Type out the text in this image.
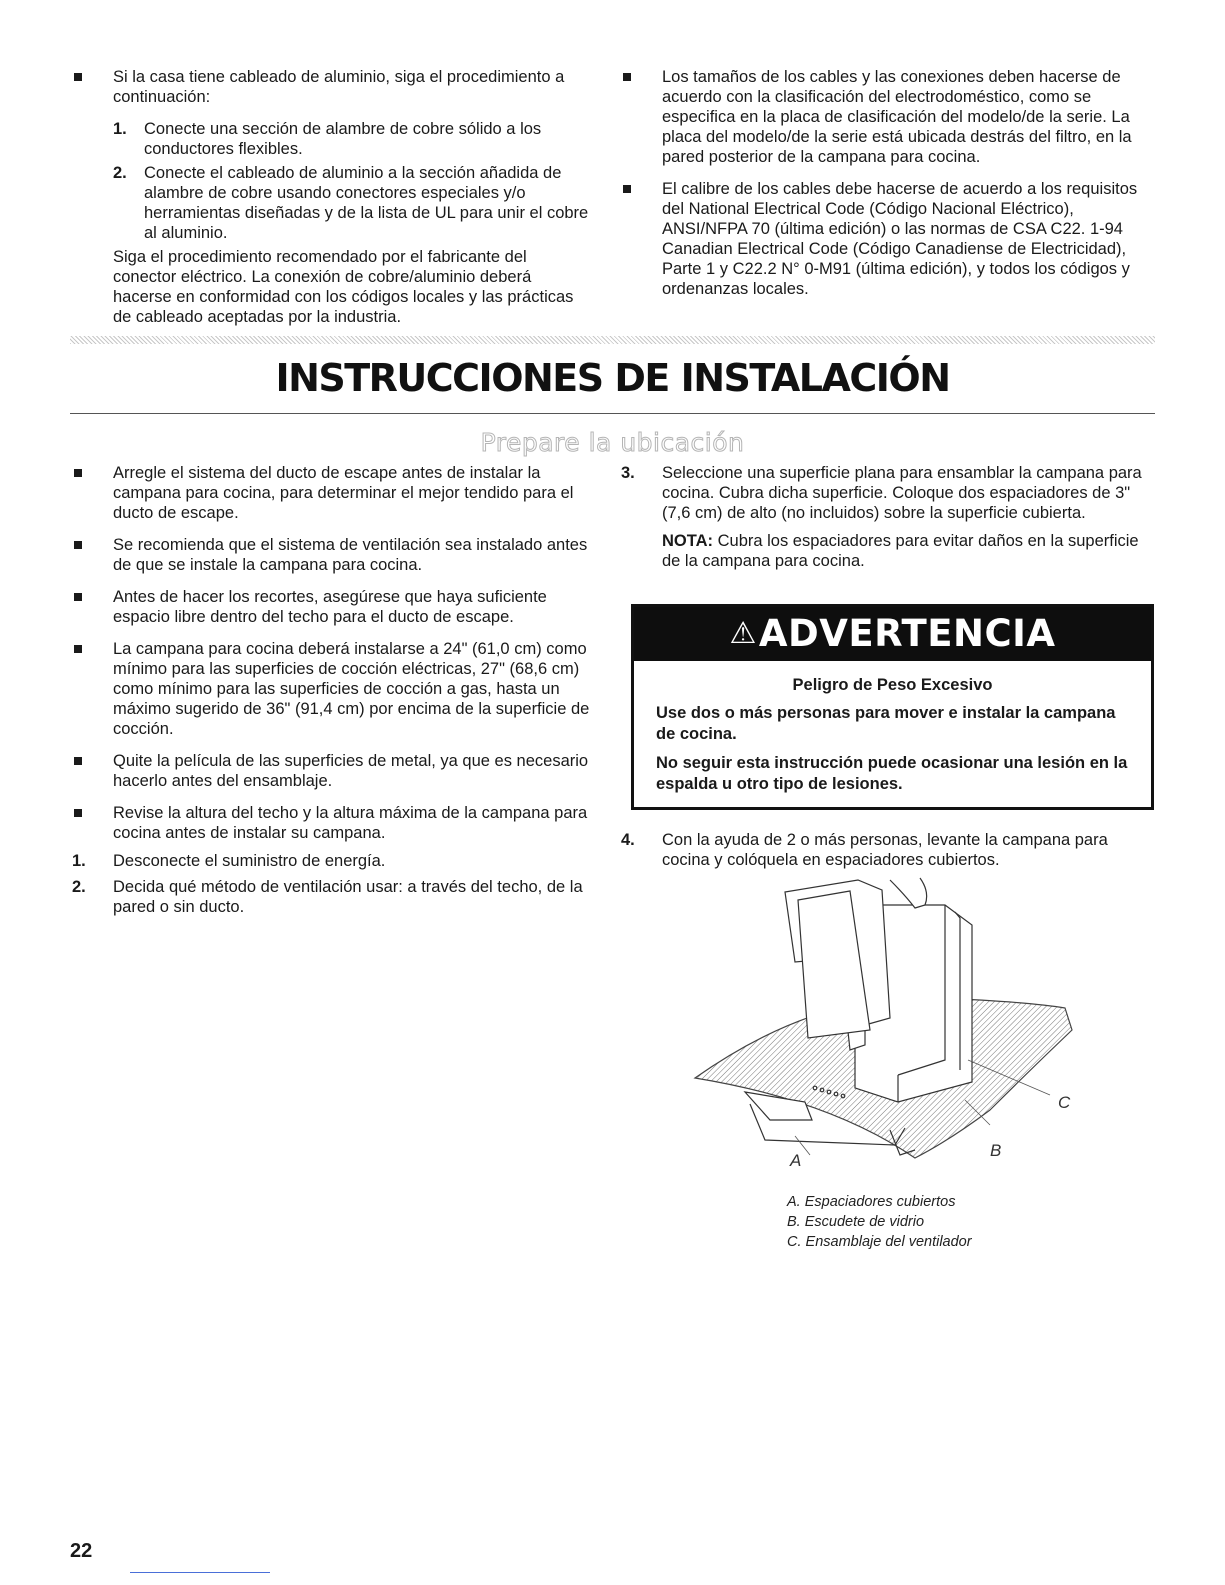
Si la casa tiene cableado de aluminio, siga el procedimiento a continuación:
1. Conecte una sección de alambre de cobre sólido a los conductores flexibles.
2. Conecte el cableado de aluminio a la sección añadida de alambre de cobre usando conectores especiales y/o herramientas diseñadas y de la lista de UL para unir el cobre al aluminio.
Siga el procedimiento recomendado por el fabricante del conector eléctrico. La conexión de cobre/aluminio deberá hacerse en conformidad con los códigos locales y las prácticas de cableado aceptadas por la industria.
Los tamaños de los cables y las conexiones deben hacerse de acuerdo con la clasificación del electrodoméstico, como se especifica en la placa de clasificación del modelo/de la serie. La placa del modelo/de la serie está ubicada destrás del filtro, en la pared posterior de la campana para cocina.
El calibre de los cables debe hacerse de acuerdo a los requisitos del National Electrical Code (Código Nacional Eléctrico), ANSI/NFPA 70 (última edición) o las normas de CSA C22. 1-94 Canadian Electrical Code (Código Canadiense de Electricidad), Parte 1 y C22.2 N° 0-M91 (última edición), y todos los códigos y ordenanzas locales.
INSTRUCCIONES DE INSTALACIÓN
Prepare la ubicación
Arregle el sistema del ducto de escape antes de instalar la campana para cocina, para determinar el mejor tendido para el ducto de escape.
Se recomienda que el sistema de ventilación sea instalado antes de que se instale la campana para cocina.
Antes de hacer los recortes, asegúrese que haya suficiente espacio libre dentro del techo para el ducto de escape.
La campana para cocina deberá instalarse a 24" (61,0 cm) como mínimo para las superficies de cocción eléctricas, 27" (68,6 cm) como mínimo para las superficies de cocción a gas, hasta un máximo sugerido de 36" (91,4 cm) por encima de la superficie de cocción.
Quite la película de las superficies de metal, ya que es necesario hacerlo antes del ensamblaje.
Revise la altura del techo y la altura máxima de la campana para cocina antes de instalar su campana.
1. Desconecte el suministro de energía.
2. Decida qué método de ventilación usar: a través del techo, de la pared o sin ducto.
3. Seleccione una superficie plana para ensamblar la campana para cocina. Cubra dicha superficie. Coloque dos espaciadores de 3" (7,6 cm) de alto (no incluidos) sobre la superficie cubierta.
NOTA: Cubra los espaciadores para evitar daños en la superficie de la campana para cocina.
⚠ADVERTENCIA
Peligro de Peso Excesivo

Use dos o más personas para mover e instalar la campana de cocina.

No seguir esta instrucción puede ocasionar una lesión en la espalda u otro tipo de lesiones.

4. Con la ayuda de 2 o más personas, levante la campana para cocina y colóquela en espaciadores cubiertos.
C
B
A
A. Espaciadores cubiertos
B. Escudete de vidrio
C. Ensamblaje del ventilador
22
